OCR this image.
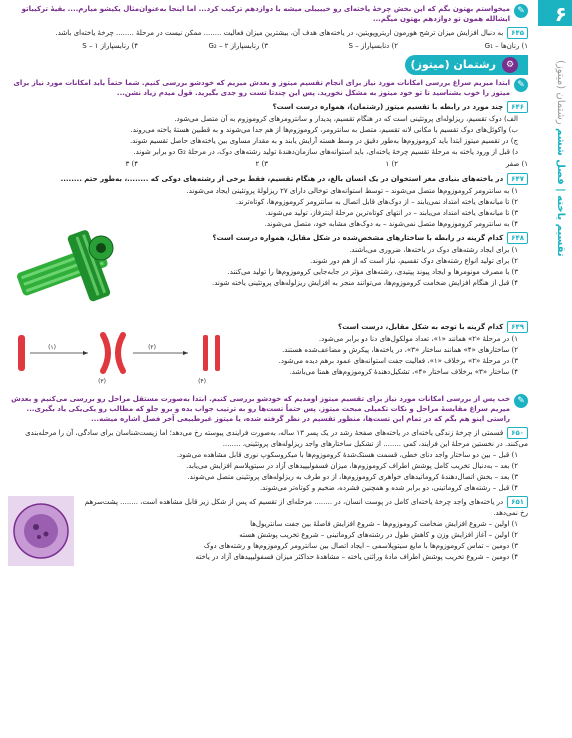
۶
تقسیم یاخته | فصل ششم رشتمان (میتوز)
✎
میخواستم بهتون بگم که این بخش چرخهٔ یاخته‌ای رو خییییلی میشه با دوازدهم ترکیب کرد... اما اینجا به‌عنوان‌مثال یکیشو میارم.... بقیهٔ ترکیباتو ایشالله همون تو دوازدهم بهتون میگم...
۶۴۵به دنبال افزایش میزان ترشح هورمون اریتروپویتین، در یاخته‌های هدف آن، بیشترین میزان فعالیت ........ ممکن نیست در مرحلهٔ ........ چرخهٔ یاخته‌ای باشد.
۱) رنا‌ن‌ها – G₁
۲) دنابسپاراز – S
۳) رنابسپاراز ۲ – G₂
۴) رنابسپاراز ۱ – S
⚙
رشتمان (میتوز)
✎
ابتدا میریم سراغ بررسی امکانات مورد نیاز برای انجام تقسیم میتوز و بعدش میریم که خودشو بررسی کنیم. شما حتماً باید امکانات مورد نیاز برای میتوز را خوب بشناسید تا تو خود میتوز به مشکل نخورید. پس این چندتا تست رو جدی بگیرید. قول میدم زیاد نشن...
۶۴۶چند مورد در رابطه با تقسیم میتوز (رشتمان)، همواره درست است؟
الف) دوک تقسیم، ریزلوله‌ای پروتئینی است که در هنگام تقسیم، پدیدار و سانترومرهای کروموزوم به آن متصل می‌شود.
ب) واکوئل‌های دوک تقسیم با مکانی لانه تقسیم، متصل به سانترومر، کروموزوم‌ها از هم جدا می‌شوند و به قطبین هستهٔ یاخته می‌روند.
ج) در تقسیم میتوز ابتدا باید کروموزوم‌ها به‌طور دقیق در وسط هسته آرایش یابند و به مقدار مساوی بین یاخته‌های حاصل تقسیم شوند.
د) قبل از ورود یاخته به مرحلهٔ تقسیم چرخهٔ یاخته‌ای، باید استوانه‌های سازمان‌دهندهٔ تولید رشته‌های دوک، در مرحلهٔ G₂ دو برابر شوند.
۱) صفر
۲) ۱
۳) ۲
۴) ۳
۶۴۷در یاخته‌های بنیادی مغز استخوان در یک انسان بالغ، در هنگام تقسیم، فقط برخی از رشته‌های دوکی که ........، به‌طور حتم ........
۱) به سانترومر کروموزوم‌ها متصل می‌شوند – توسط استوانه‌های توخالی دارای ۲۷ ریزلولهٔ پروتئینی ایجاد می‌شوند.
۲) تا میانه‌های یاخته امتداد نمی‌یابند – از دوک‌های قابل اتصال به سانترومر کروموزوم‌ها، کوتاه‌ترند.
۳) تا میانه‌های یاخته امتداد می‌یابند – در انتهای کوتاه‌ترین مرحلهٔ اینترفاز، تولید می‌شوند.
۴) به سانترومر کروموزوم‌ها متصل نمی‌شوند – به دوک‌های مشابه خود، متصل می‌شوند.
۶۴۸کدام گزینه در رابطه با ساختارهای مشخص‌شده در شکل مقابل، همواره درست است؟
۱) برای ایجاد رشته‌های دوک در یاخته‌ها، ضروری می‌باشند.
۲) برای تولید انواع رشته‌های دوک تقسیم، نیاز است که از هم دور شوند.
۳) با مصرف مونومرها و ایجاد پیوند پپتیدی، رشته‌های مؤثر در جابه‌جایی کروموزوم‌ها را تولید می‌کنند.
۴) قبل از هنگام افزایش ضخامت کروموزوم‌ها، می‌توانند منجر به افزایش ریزلوله‌های پروتئینی یاخته شوند.
۶۴۹کدام گزینه با توجه به شکل مقابل، درست است؟
۱) در مرحلهٔ «۲» همانند «۱»، تعداد مولکول‌های دنا دو برابر می‌شود.
۲) ساختارهای «۴» همانند ساختار «۳»، در یاخته‌ها، پیکرش و مضاعف‌شده هستند.
۳) در مرحلهٔ «۲» برخلاف «۱»، فعالیت جفت استوانه‌های عمود برهم دیده می‌شود.
۴) ساختار «۳» برخلاف ساختار «۴»، تشکیل‌دهندهٔ کروموزوم‌های همتا می‌باشد.
(۱)	(۲)
(۳)	(۴)
✎
خب پس از بررسی امکانات مورد نیاز برای تقسیم میتوز اومدیم که خودشو بررسی کنیم. ابتدا به‌صورت مستقل مراحل رو بررسی می‌کنیم و بعدش میریم سراغ مقایسهٔ مراحل و نکات تکمیلی مبحث میتوز. پس حتماً تست‌ها رو به ترتیب جواب بده و برو جلو که مطالب رو یکی‌یکی یاد بگیری... راستی اینو هم بگم که در تمام این تست‌ها، منظور تقسیم در نظر گرفته شده، یا میتوز غیرطبیعی آخر فصل اشاره میشه...
۶۵۰قسمتی از چرخهٔ زندگی یاخته‌ای در یاخته‌های صفحهٔ رشد در یک پسر ۱۳ ساله، به‌صورت فرایندی پیوسته رخ می‌دهد؛ اما زیست‌شناسان برای سادگی، آن را مرحله‌بندی می‌کنند. در نخستین مرحلهٔ این فرایند، کمی ........ از تشکیل ساختارهای واجد ریزلوله‌های پروتئینی، ........
۱) قبل – بین دو ساختار واجد دنای خطی، قسمت هستک‌شدهٔ کروموزوم‌ها با میکروسکوپ نوری قابل مشاهده می‌شود.
۲) بعد – به‌دنبال تخریب کامل پوشش اطراف کروموزوم‌ها، میزان فسفولیپیدهای آزاد در سیتوپلاسم افزایش می‌یابد.
۳) بعد – بخش اتصال‌دهندهٔ کروماتیدهای خواهری کروموزوم‌ها، از دو طرف به ریزلوله‌های پروتئینی متصل می‌شوند.
۴) قبل – رشته‌های کروماتینی، دو برابر شده و همچنین فشرده، ضخیم و کوتاه‌تر می‌شوند.
۶۵۱در یاخته‌های واجد چرخهٔ یاخته‌ای کامل در پوست انسان، در ........ مرحله‌ای از تقسیم که پس از شکل زیر قابل مشاهده است، ........ پشت‌سرهم رخ نمی‌دهد.
۱) اولین – شروع افزایش ضخامت کروموزوم‌ها – شروع افزایش فاصلهٔ بین جفت سانتریول‌ها
۲) اولین – آغاز افزایش وزن و کاهش طول در رشته‌های کروماتینی – شروع تخریب پوشش هسته
۳) دومین – تماس کروموزوم‌ها با مایع سیتوپلاسمی – ایجاد اتصال بین سانترومر کروموزوم‌ها و رشته‌های دوک
۴) دومین – شروع تخریب پوشش اطراف مادهٔ وراثتی یاخته – مشاهدهٔ حداکثر میزان فسفولیپیدهای آزاد در یاخته
